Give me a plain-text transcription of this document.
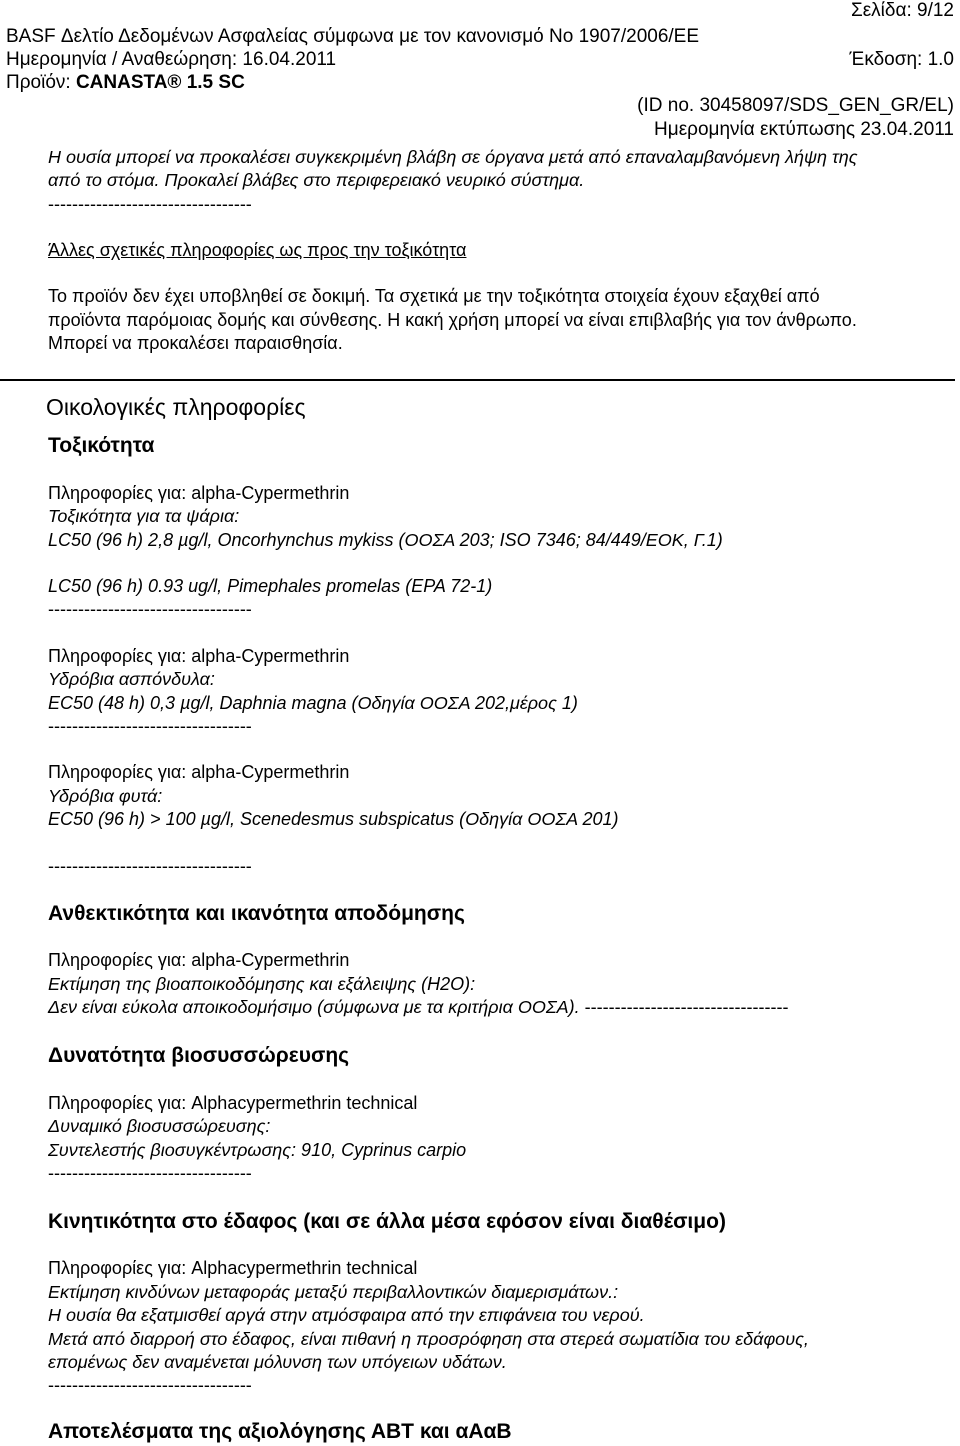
Σελίδα: 9/12
BASF Δελτίο Δεδομένων Ασφαλείας σύμφωνα με τον κανονισμό Νο 1907/2006/ΕΕ
Ημερομηνία / Αναθεώρηση: 16.04.2011	Έκδοση: 1.0
Προϊόν: CANASTA® 1.5 SC
(ID no. 30458097/SDS_GEN_GR/EL)
Ημερομηνία εκτύπωσης 23.04.2011
Η ουσία μπορεί να προκαλέσει συγκεκριμένη βλάβη σε όργανα μετά από επαναλαμβανόμενη λήψη της
από το στόμα. Προκαλεί βλάβες στο περιφερειακό νευρικό σύστημα.
----------------------------------
Άλλες σχετικές πληροφορίες ως προς την τοξικότητα
Το προϊόν δεν έχει υποβληθεί σε δοκιμή. Τα σχετικά με την τοξικότητα στοιχεία έχουν εξαχθεί από
προϊόντα παρόμοιας δομής και σύνθεσης. Η κακή χρήση μπορεί να είναι επιβλαβής για τον άνθρωπο.
Μπορεί να προκαλέσει παραισθησία.
Οικολογικές πληροφορίες
Τοξικότητα
Πληροφορίες για: alpha-Cypermethrin
Τοξικότητα για τα ψάρια:
LC50 (96 h) 2,8 µg/l, Oncorhynchus mykiss (ΟΟΣΑ 203; ISO 7346; 84/449/ΕΟΚ, Γ.1)
LC50 (96 h) 0.93 ug/l, Pimephales promelas (EPA 72-1)
----------------------------------
Πληροφορίες για: alpha-Cypermethrin
Υδρόβια ασπόνδυλα:
EC50 (48 h) 0,3 µg/l, Daphnia magna (Οδηγία ΟΟΣΑ 202,μέρος 1)
----------------------------------
Πληροφορίες για: alpha-Cypermethrin
Υδρόβια φυτά:
EC50 (96 h) > 100 µg/l, Scenedesmus subspicatus (Οδηγία ΟΟΣΑ 201)
----------------------------------
Ανθεκτικότητα και ικανότητα αποδόμησης
Πληροφορίες για: alpha-Cypermethrin
Εκτίμηση της βιοαποικοδόμησης και εξάλειψης (H2O):
Δεν είναι εύκολα αποικοδομήσιμο (σύμφωνα με τα κριτήρια ΟΟΣΑ). ----------------------------------
Δυνατότητα βιοσυσσώρευσης
Πληροφορίες για: Alphacypermethrin technical
Δυναμικό βιοσυσσώρευσης:
Συντελεστής βιοσυγκέντρωσης: 910, Cyprinus carpio
----------------------------------
Κινητικότητα στο έδαφος (και σε άλλα μέσα εφόσον είναι διαθέσιμο)
Πληροφορίες για: Alphacypermethrin technical
Εκτίμηση κινδύνων μεταφοράς μεταξύ περιβαλλοντικών διαμερισμάτων.:
Η ουσία θα εξατμισθεί αργά στην ατμόσφαιρα από την επιφάνεια του νερού.
Μετά από διαρροή στο έδαφος, είναι πιθανή η προσρόφηση στα στερεά σωματίδια του εδάφους,
επομένως δεν αναμένεται μόλυνση των υπόγειων υδάτων.
----------------------------------
Αποτελέσματα της αξιολόγησης ΑΒΤ και αΑαΒ
